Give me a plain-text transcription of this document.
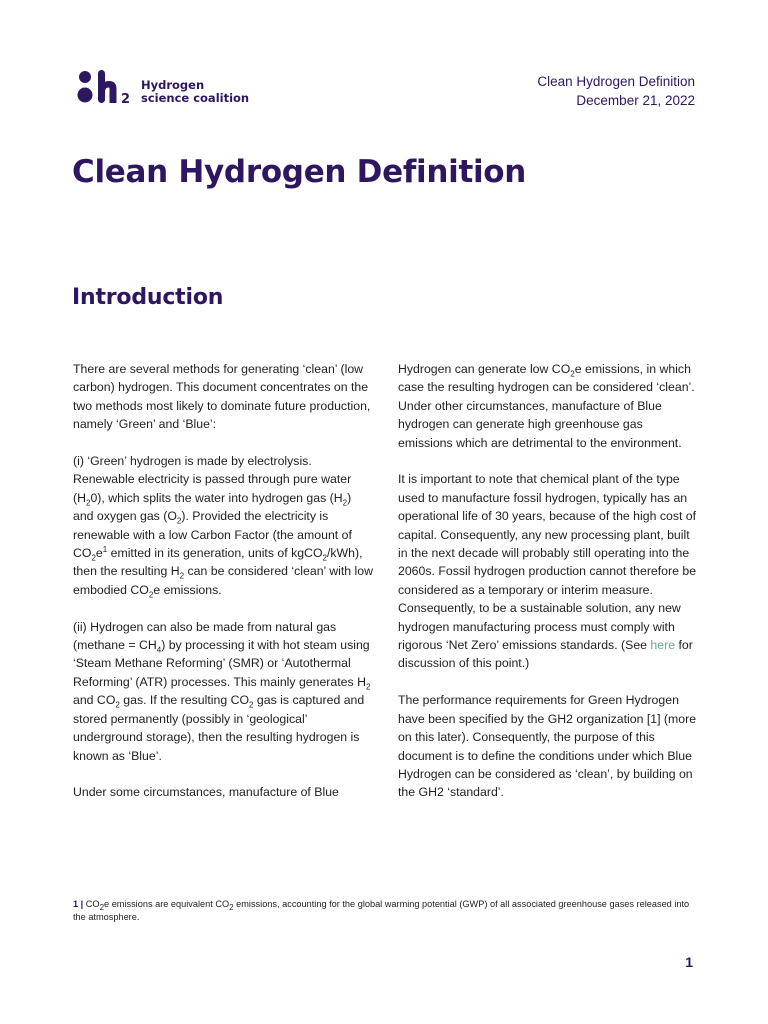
2
Hydrogen
science coalition
Clean Hydrogen Definition
December 21, 2022
Clean Hydrogen Definition
Introduction

There are several methods for generating ‘clean’ (low carbon) hydrogen. This document concentrates on the two methods most likely to dominate future production, namely ‘Green’ and ‘Blue’:

(i) ‘Green’ hydrogen is made by electrolysis. Renewable electricity is passed through pure water $(H_20)$, which splits the water into hydrogen gas $(H_2)$ and oxygen gas $(O_2)$. Provided the electricity is renewable with a low Carbon Factor (the amount of $CO_2e^1$ emitted in its generation, units of kgCO$_2$/kWh), then the resulting $H_2$ can be considered ‘clean’ with low embodied $CO_2e$ emissions.

(ii) Hydrogen can also be made from natural gas (methane = $CH_4$) by processing it with hot steam using ‘Steam Methane Reforming’ (SMR) or ‘Autothermal Reforming’ (ATR) processes. This mainly generates $H_2$ and $CO_2$ gas. If the resulting $CO_2$ gas is captured and stored permanently (possibly in ‘geological’ underground storage), then the resulting hydrogen is known as ‘Blue’.

Under some circumstances, manufacture of Blue

Hydrogen can generate low $CO_2e$ emissions, in which case the resulting hydrogen can be considered ‘clean’. Under other circumstances, manufacture of Blue hydrogen can generate high greenhouse gas emissions which are detrimental to the environment.

It is important to note that chemical plant of the type used to manufacture fossil hydrogen, typically has an operational life of 30 years, because of the high cost of capital. Consequently, any new processing plant, built in the next decade will probably still operating into the 2060s. Fossil hydrogen production cannot therefore be considered as a temporary or interim measure. Consequently, to be a sustainable solution, any new hydrogen manufacturing process must comply with rigorous ‘Net Zero’ emissions standards. (See here for discussion of this point.)

The performance requirements for Green Hydrogen have been specified by the GH2 organization [1] (more on this later). Consequently, the purpose of this document is to define the conditions under which Blue Hydrogen can be considered as ‘clean’, by building on the GH2 ‘standard’.

1 | $CO_2e$ emissions are equivalent $CO_2$ emissions, accounting for the global warming potential (GWP) of all associated greenhouse gases released into the atmosphere.
1
